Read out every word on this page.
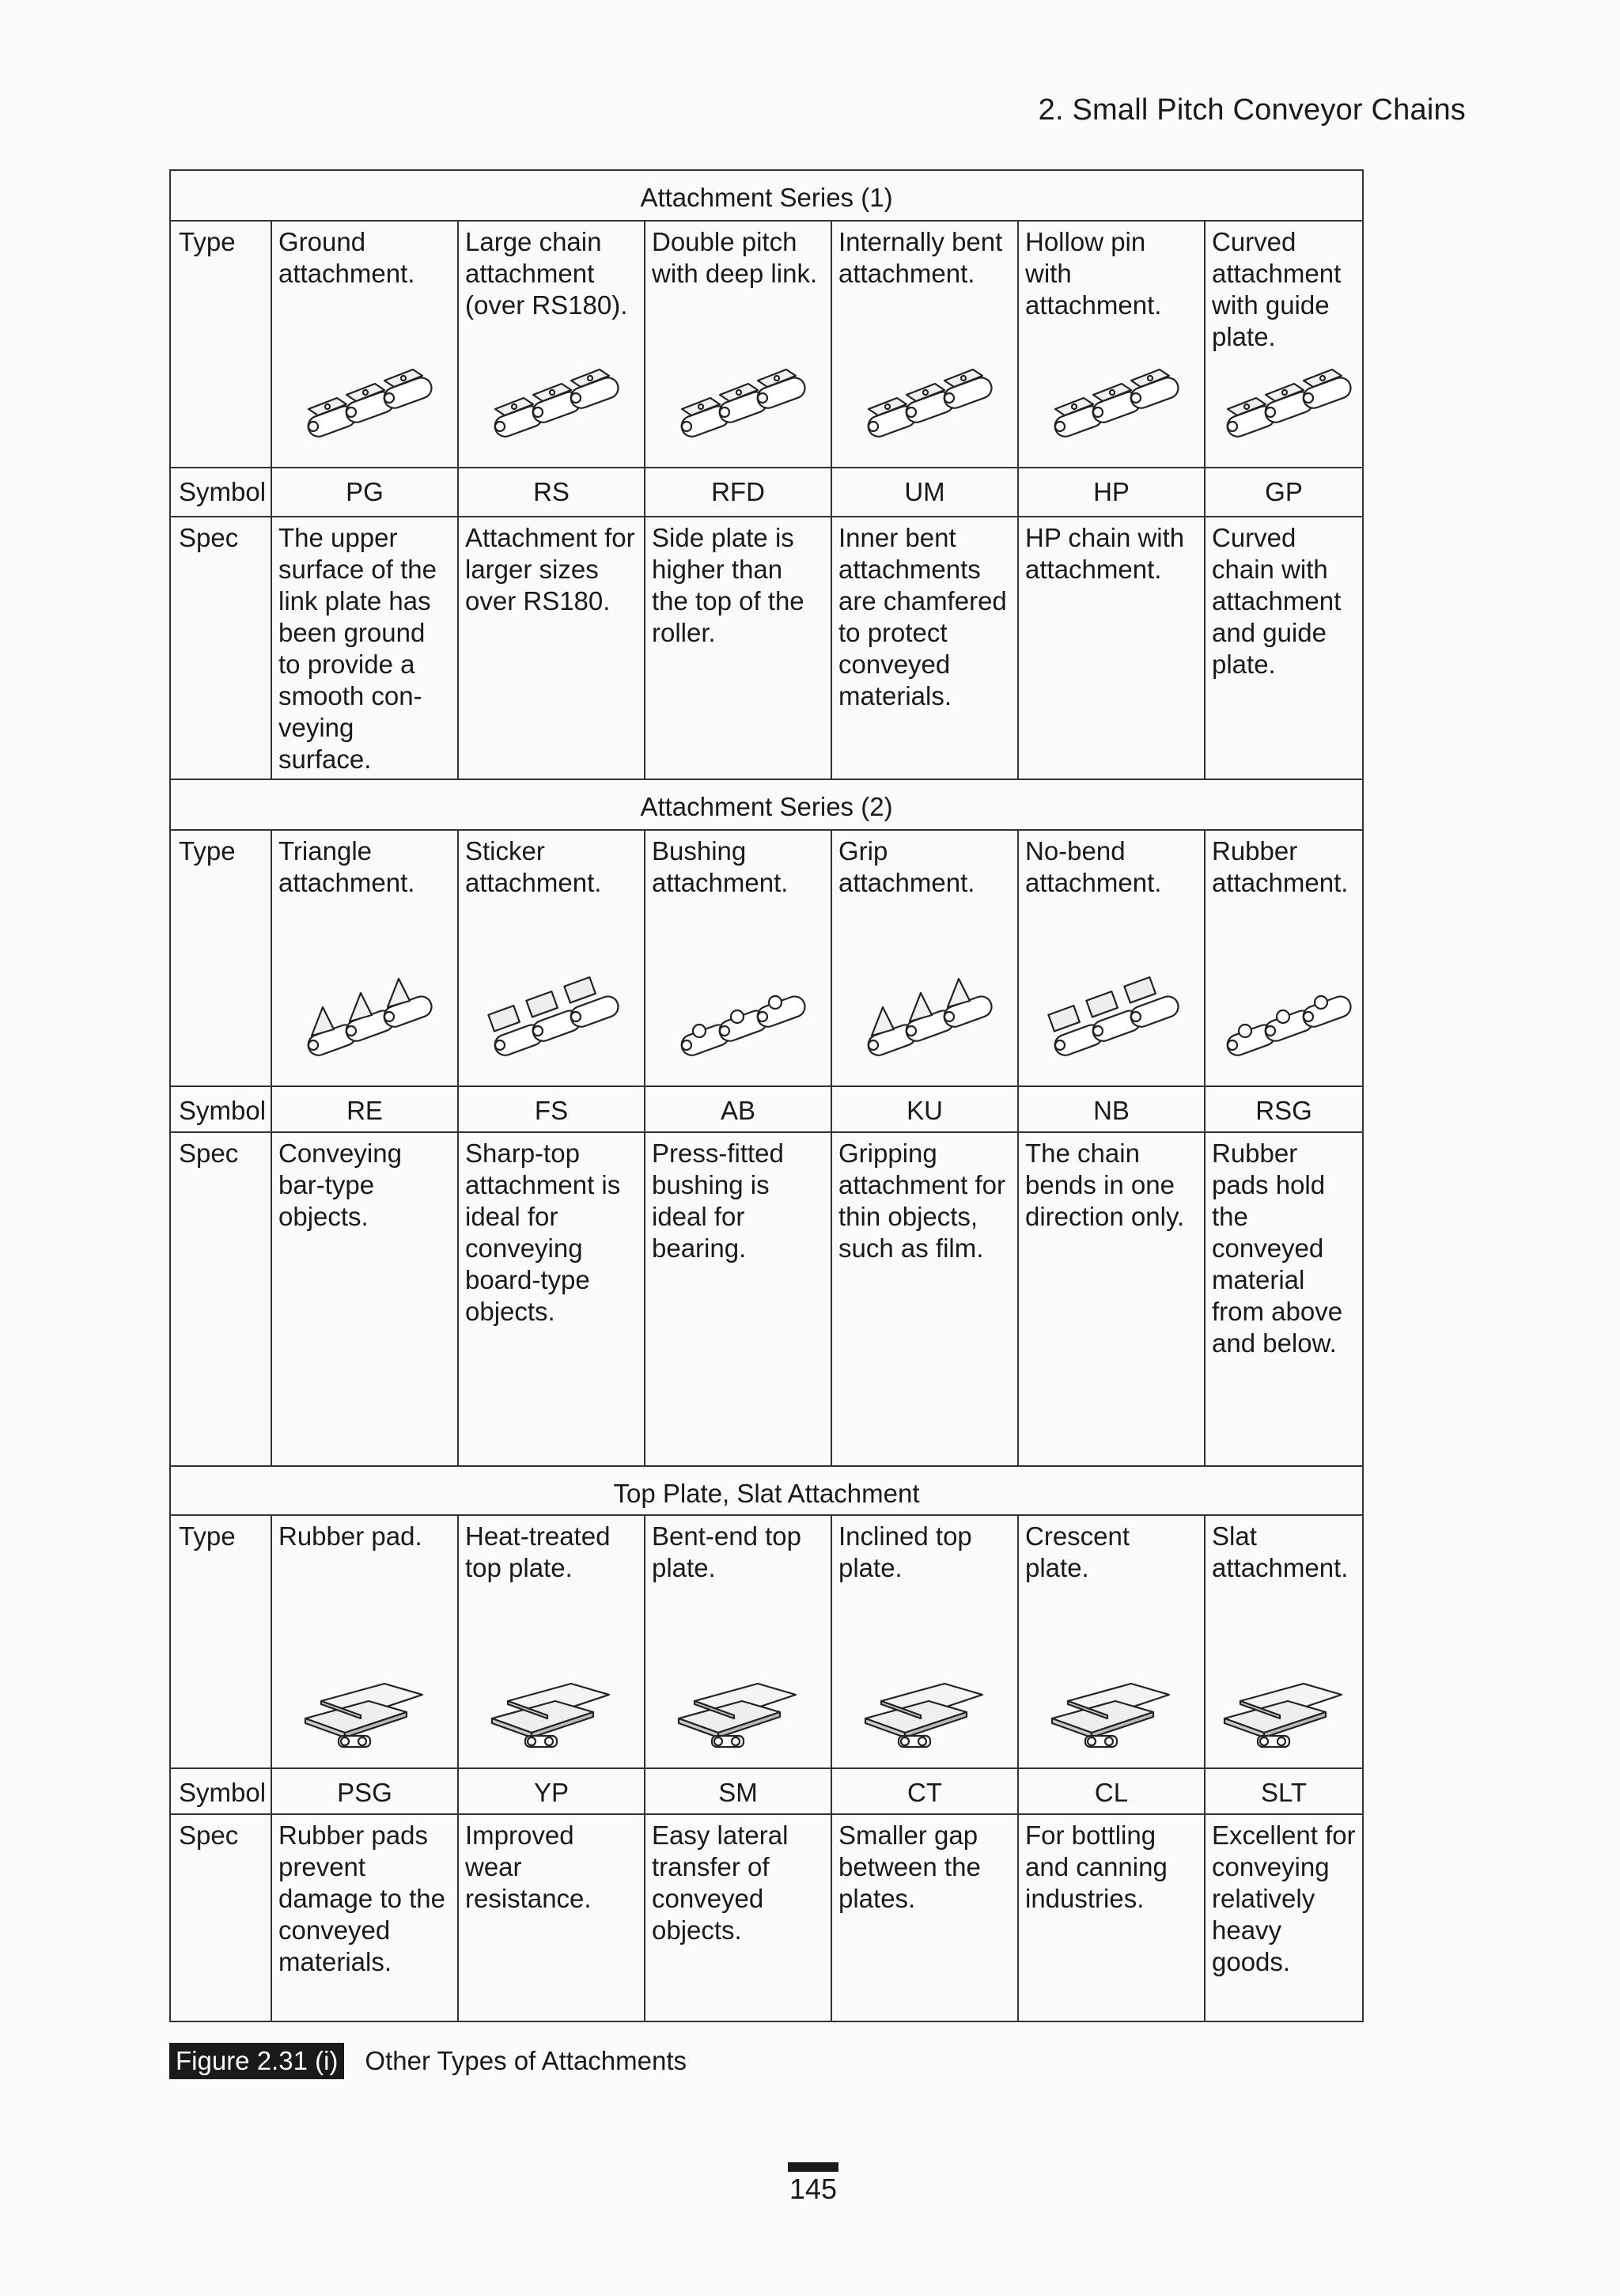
2. Small Pitch Conveyor Chains
Attachment Series (1)						
Type	Ground attachment.	Large chain attachment (over RS180).	Double pitch with deep link.	Internally bent attachment.	Hollow pin with attachment.	Curved attachment with guide plate.

Symbol	PG	RS	RFD	UM	HP	GP
Spec	The upper surface of the link plate has been ground to provide a smooth con-veying surface.	Attachment for larger sizes over RS180.	Side plate is higher than the top of the roller.	Inner bent attachments are chamfered to protect conveyed materials.	HP chain with attachment.	Curved chain with attachment and guide plate.
Attachment Series (2)						
Type	Triangle attachment.	Sticker attachment.	Bushing attachment.	Grip attachment.	No-bend attachment.	Rubber attachment.

Symbol	RE	FS	AB	KU	NB	RSG
Spec	Conveying bar-type objects.	Sharp-top attachment is ideal for conveying board-type objects.	Press-fitted bushing is ideal for bearing.	Gripping attachment for thin objects, such as film.	The chain bends in one direction only.	Rubber pads hold the conveyed material from above and below.
Top Plate, Slat Attachment						
Type	Rubber pad.	Heat-treated top plate.	Bent-end top plate.	Inclined top plate.	Crescent plate.	Slat attachment.

Symbol	PSG	YP	SM	CT	CL	SLT
Spec	Rubber pads prevent damage to the conveyed materials.	Improved wear resistance.	Easy lateral transfer of conveyed objects.	Smaller gap between the plates.	For bottling and canning industries.	Excellent for conveying relatively heavy goods.
Figure 2.31 (i) Other Types of Attachments
145
